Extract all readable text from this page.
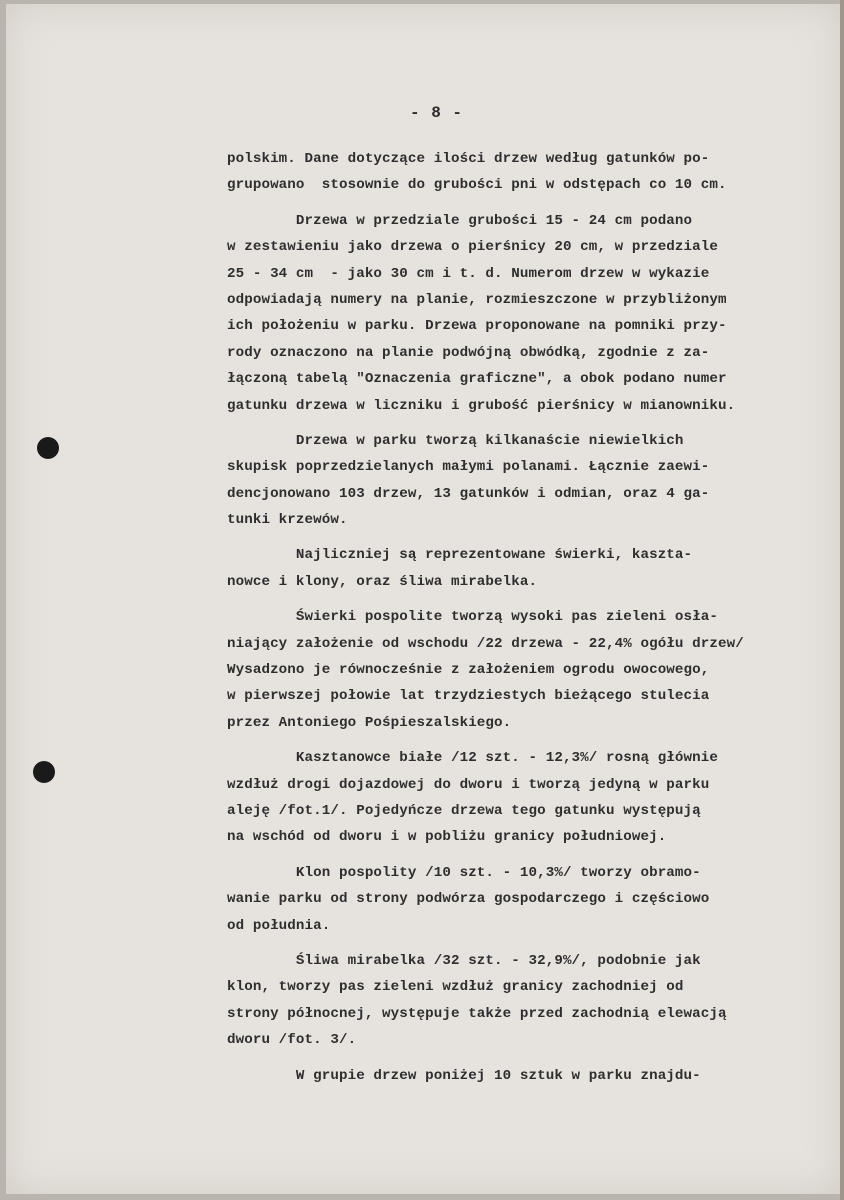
- 8 -
polskim. Dane dotyczące ilości drzew według gatunków po-
grupowano  stosownie do grubości pni w odstępach co 10 cm.
Drzewa w przedziale grubości 15 - 24 cm podano
w zestawieniu jako drzewa o pierśnicy 20 cm, w przedziale
25 - 34 cm  - jako 30 cm i t. d. Numerom drzew w wykazie
odpowiadają numery na planie, rozmieszczone w przybliżonym
ich położeniu w parku. Drzewa proponowane na pomniki przy-
rody oznaczono na planie podwójną obwódką, zgodnie z za-
łączoną tabelą "Oznaczenia graficzne", a obok podano numer
gatunku drzewa w liczniku i grubość pierśnicy w mianowniku.
Drzewa w parku tworzą kilkanaście niewielkich
skupisk poprzedzielanych małymi polanami. Łącznie zaewi-
dencjonowano 103 drzew, 13 gatunków i odmian, oraz 4 ga-
tunki krzewów.
Najliczniej są reprezentowane świerki, kaszta-
nowce i klony, oraz śliwa mirabelka.
Świerki pospolite tworzą wysoki pas zieleni osła-
niający założenie od wschodu /22 drzewa - 22,4% ogółu drzew/
Wysadzono je równocześnie z założeniem ogrodu owocowego,
w pierwszej połowie lat trzydziestych bieżącego stulecia
przez Antoniego Pośpieszalskiego.
Kasztanowce białe /12 szt. - 12,3%/ rosną głównie
wzdłuż drogi dojazdowej do dworu i tworzą jedyną w parku
aleję /fot.1/. Pojedyńcze drzewa tego gatunku występują
na wschód od dworu i w pobliżu granicy południowej.
Klon pospolity /10 szt. - 10,3%/ tworzy obramo-
wanie parku od strony podwórza gospodarczego i częściowo
od południa.
Śliwa mirabelka /32 szt. - 32,9%/, podobnie jak
klon, tworzy pas zieleni wzdłuż granicy zachodniej od
strony północnej, występuje także przed zachodnią elewacją
dworu /fot. 3/.
W grupie drzew poniżej 10 sztuk w parku znajdu-
